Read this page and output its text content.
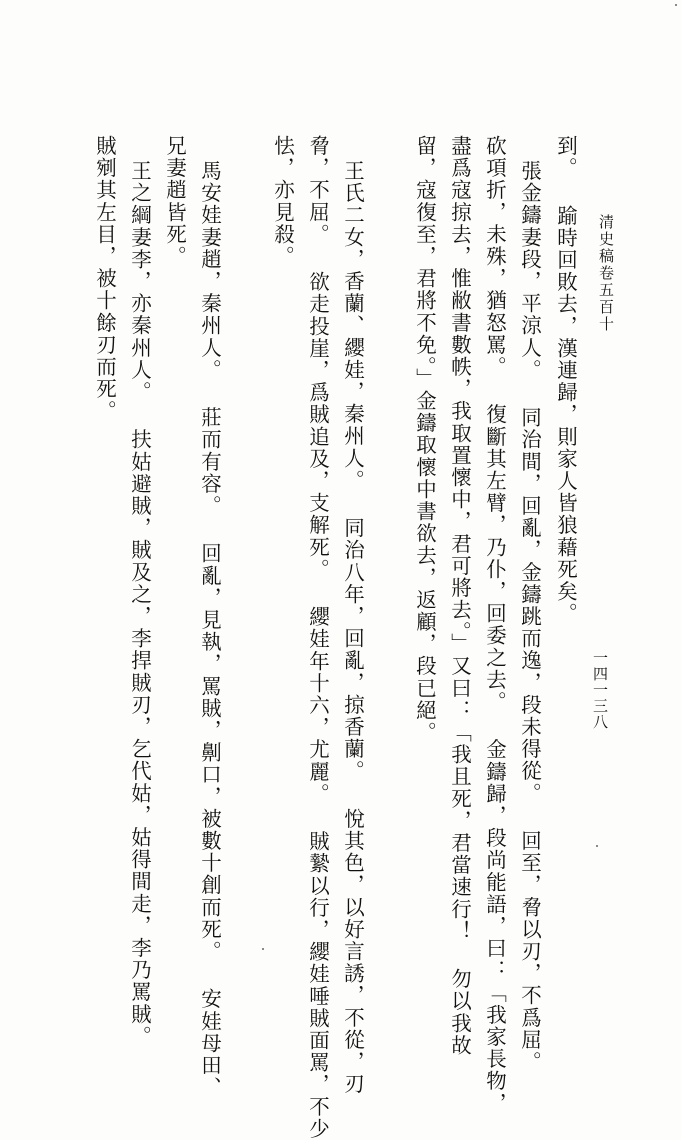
清史稿卷五百十
一四一三八
到。 踰時回敗去，漢連歸，則家人皆狼藉死矣。
張金鑄妻段，平涼人。 同治間，回亂，金鑄跳而逸，段未得從。 回至，脅以刃，不爲屈。
砍項折，未殊，猶怒罵。 復斷其左臂，乃仆，回委之去。 金鑄歸，段尚能語，曰：「我家長物，
盡爲寇掠去，惟敝書數帙，我取置懷中，君可將去。」又曰：「我且死，君當速行！ 勿以我故
留，寇復至，君將不免。」金鑄取懷中書欲去，返顧，段已絕。
王氏二女，香蘭、纓娃，秦州人。 同治八年，回亂，掠香蘭。 悅其色，以好言誘，不從，刃
脅，不屈。 欲走投崖，爲賊追及，支解死。 纓娃年十六，尤麗。 賊縶以行，纓娃唾賊面罵，不少
怯，亦見殺。
馬安娃妻趙，秦州人。 莊而有容。 回亂，見執，罵賊，劓口，被數十創而死。 安娃母田、
兄妻趙皆死。
王之綱妻李，亦秦州人。 扶姑避賊，賊及之，李捍賊刃，乞代姑，姑得間走，李乃罵賊。
賊剜其左目，被十餘刃而死。
